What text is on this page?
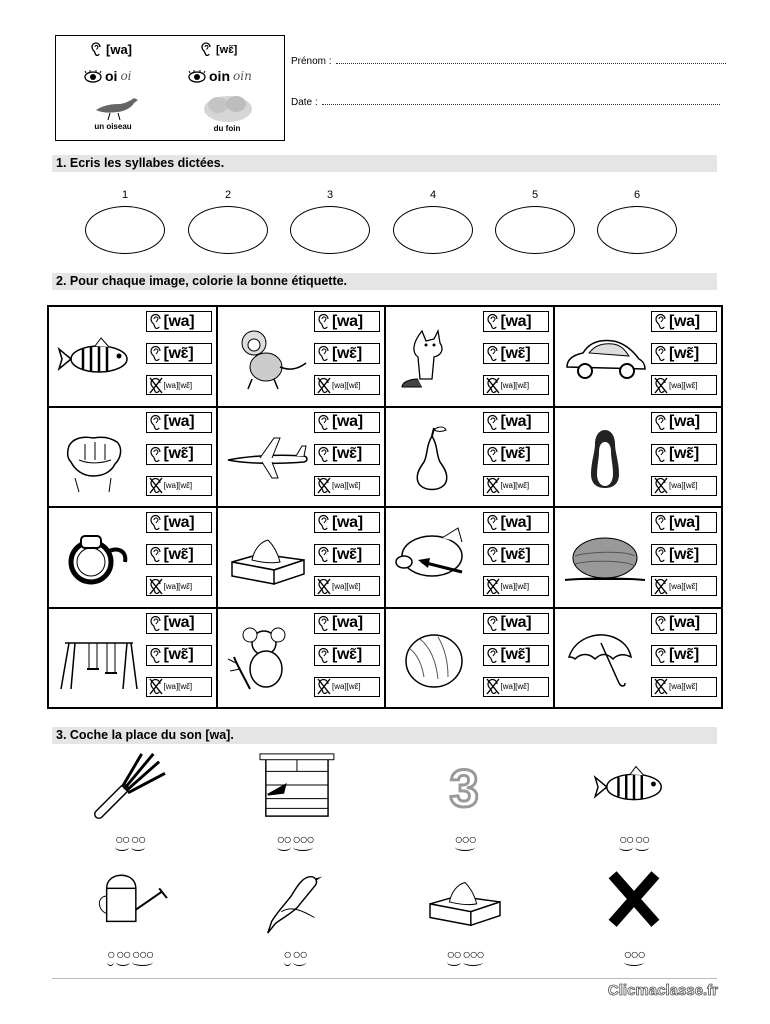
[wa]	[wɛ̃]
oi oi	oin oin
un oiseau	du foin
Prénom :
Date :
1. Ecris les syllabes dictées.
1	2	3	4	5	6
2. Pour chaque image, colorie la bonne étiquette.
[wa]
[wɛ̃]
[wa][wɛ̃]
[wa]
[wɛ̃]
[wa][wɛ̃]
[wa]
[wɛ̃]
[wa][wɛ̃]
[wa]
[wɛ̃]
[wa][wɛ̃]
[wa]
[wɛ̃]
[wa][wɛ̃]
[wa]
[wɛ̃]
[wa][wɛ̃]
[wa]
[wɛ̃]
[wa][wɛ̃]
[wa]
[wɛ̃]
[wa][wɛ̃]
[wa]
[wɛ̃]
[wa][wɛ̃]
[wa]
[wɛ̃]
[wa][wɛ̃]
[wa]
[wɛ̃]
[wa][wɛ̃]
[wa]
[wɛ̃]
[wa][wɛ̃]
[wa]
[wɛ̃]
[wa][wɛ̃]
[wa]
[wɛ̃]
[wa][wɛ̃]
[wa]
[wɛ̃]
[wa][wɛ̃]
[wa]
[wɛ̃]
[wa][wɛ̃]
3. Coche la place du son [wa].
○○ ○○	○○ ○○○
3
○○○	○○ ○○
○ ○○ ○○○	○ ○○	○○ ○○○	○○○
Clicmaclasse.fr
